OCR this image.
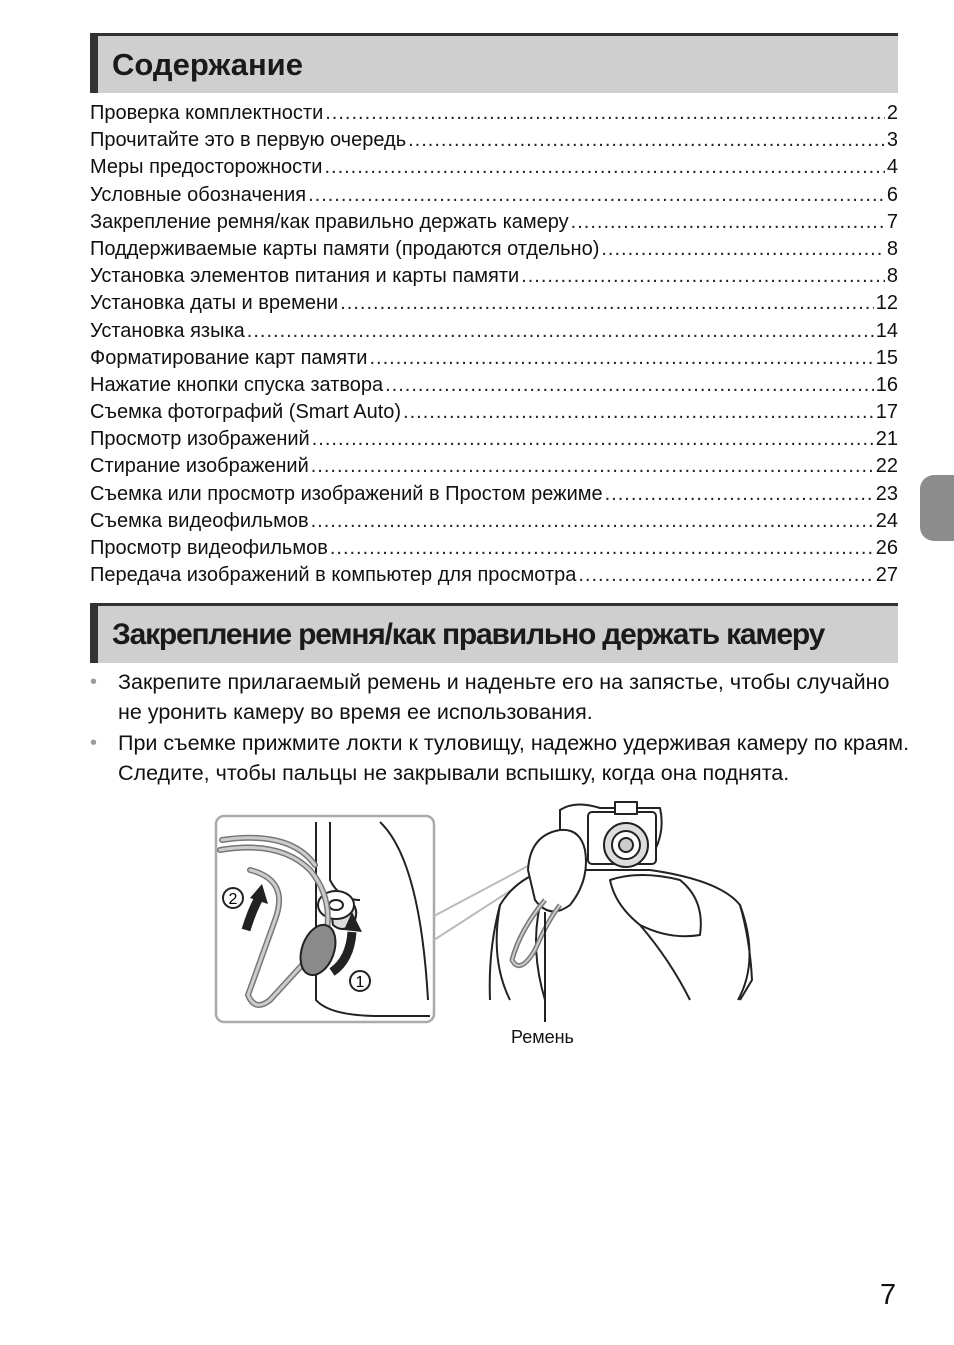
Содержание
Проверка комплектности .....	2
Прочитайте это в первую очередь .....	3
Меры предосторожности .....	4
Условные обозначения .....	6
Закрепление ремня/как правильно держать камеру .....	7
Поддерживаемые карты памяти (продаются отдельно) .....	8
Установка элементов питания и карты памяти .....	8
Установка даты и времени .....	12
Установка языка .....	14
Форматирование карт памяти .....	15
Нажатие кнопки спуска затвора .....	16
Съемка фотографий (Smart Auto) .....	17
Просмотр изображений .....	21
Стирание изображений .....	22
Съемка или просмотр изображений в Простом режиме .....	23
Съемка видеофильмов .....	24
Просмотр видеофильмов .....	26
Передача изображений в компьютер для просмотра .....	27
Закрепление ремня/как правильно держать камеру
• Закрепите прилагаемый ремень и наденьте его на запястье, чтобы случайно не уронить камеру во время ее использования.
• При съемке прижмите локти к туловищу, надежно удерживая камеру по краям. Следите, чтобы пальцы не закрывали вспышку, когда она поднята.
2
1
Ремень
7
